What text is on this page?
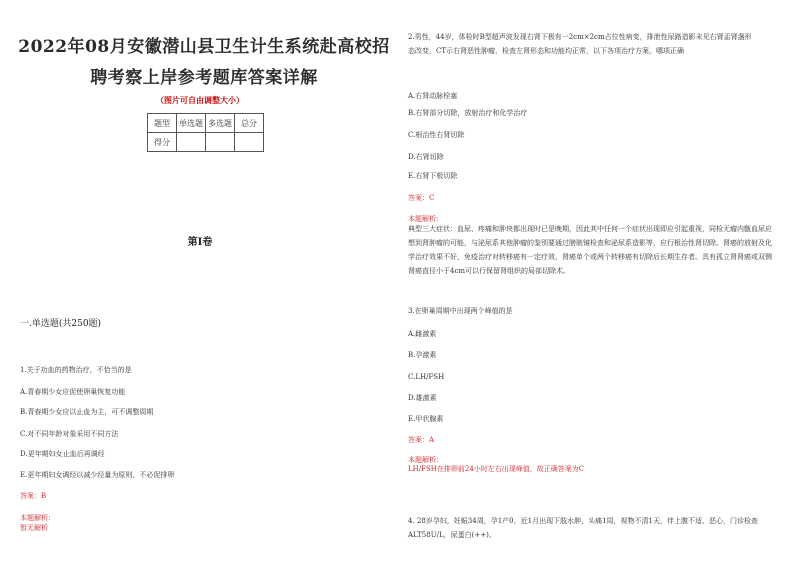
2022年08月安徽潜山县卫生计生系统赴高校招
聘考察上岸参考题库答案详解
（图片可自由调整大小）
题型	单选题	多选题	总分
得分			
第I卷
一.单选题(共250题)
1.关于功血的药物治疗，不恰当的是
A.青春期少女应促使卵巢恢复功能
B.青春期少女应以止血为主，可不调整周期
C.对不同年龄对象采用不同方法
D.更年期妇女止血后再调经
E.更年期妇女调经以减少经量为原则，不必促排卵
答案：B
本题解析：
暂无解析
2.男性，44岁，体检时B型超声波发现右肾下极有一2cm×2cm占位性病变，排泄性尿路造影未见右肾盂肾盏形态改变，CT示右肾恶性肿瘤，检查左肾形态和功能均正常，以下各项治疗方案，哪项正确
A.右肾动脉栓塞
B.右肾部分切除，放射治疗和化学治疗
C.根治性右肾切除
D.右肾切除
E.右肾下极切除
答案：C
本题解析：
典型三大症状：血尿、疼痛和肿块都出现时已是晚期，因此其中任何一个症状出现即应引起重视，同检无瘤内甑血尿应想到肾肿瘤的可能，与泌尿系其他肿瘤的鉴别要通过膀胱镜检查和泌尿系造影等，应行根治性肾切除。肾癌的放射及化学治疗效果不好，免疫治疗对转移癌有一定疗效，肾癌单个或两个转移癌有切除后长期生存者。具有孤立肾肾癌或双侧肾癌直径小于4cm可以行保留肾组织的局部切除术。
3.在卵巢周期中出现两个峰值的是
A.雌激素
B.孕激素
C.LH/FSH
D.雄激素
E.甲状腺素
答案：A
本题解析：
LH/FSH在排卵前24小时左右出现峰值，故正确答案为C
4. 28岁孕妇，妊娠34周，孕1产0，近1月出现下肢水肿，头痛1周，视物不清1天，伴上腹不适、恶心，门诊检查ALT58U/L，尿蛋白(++)。
